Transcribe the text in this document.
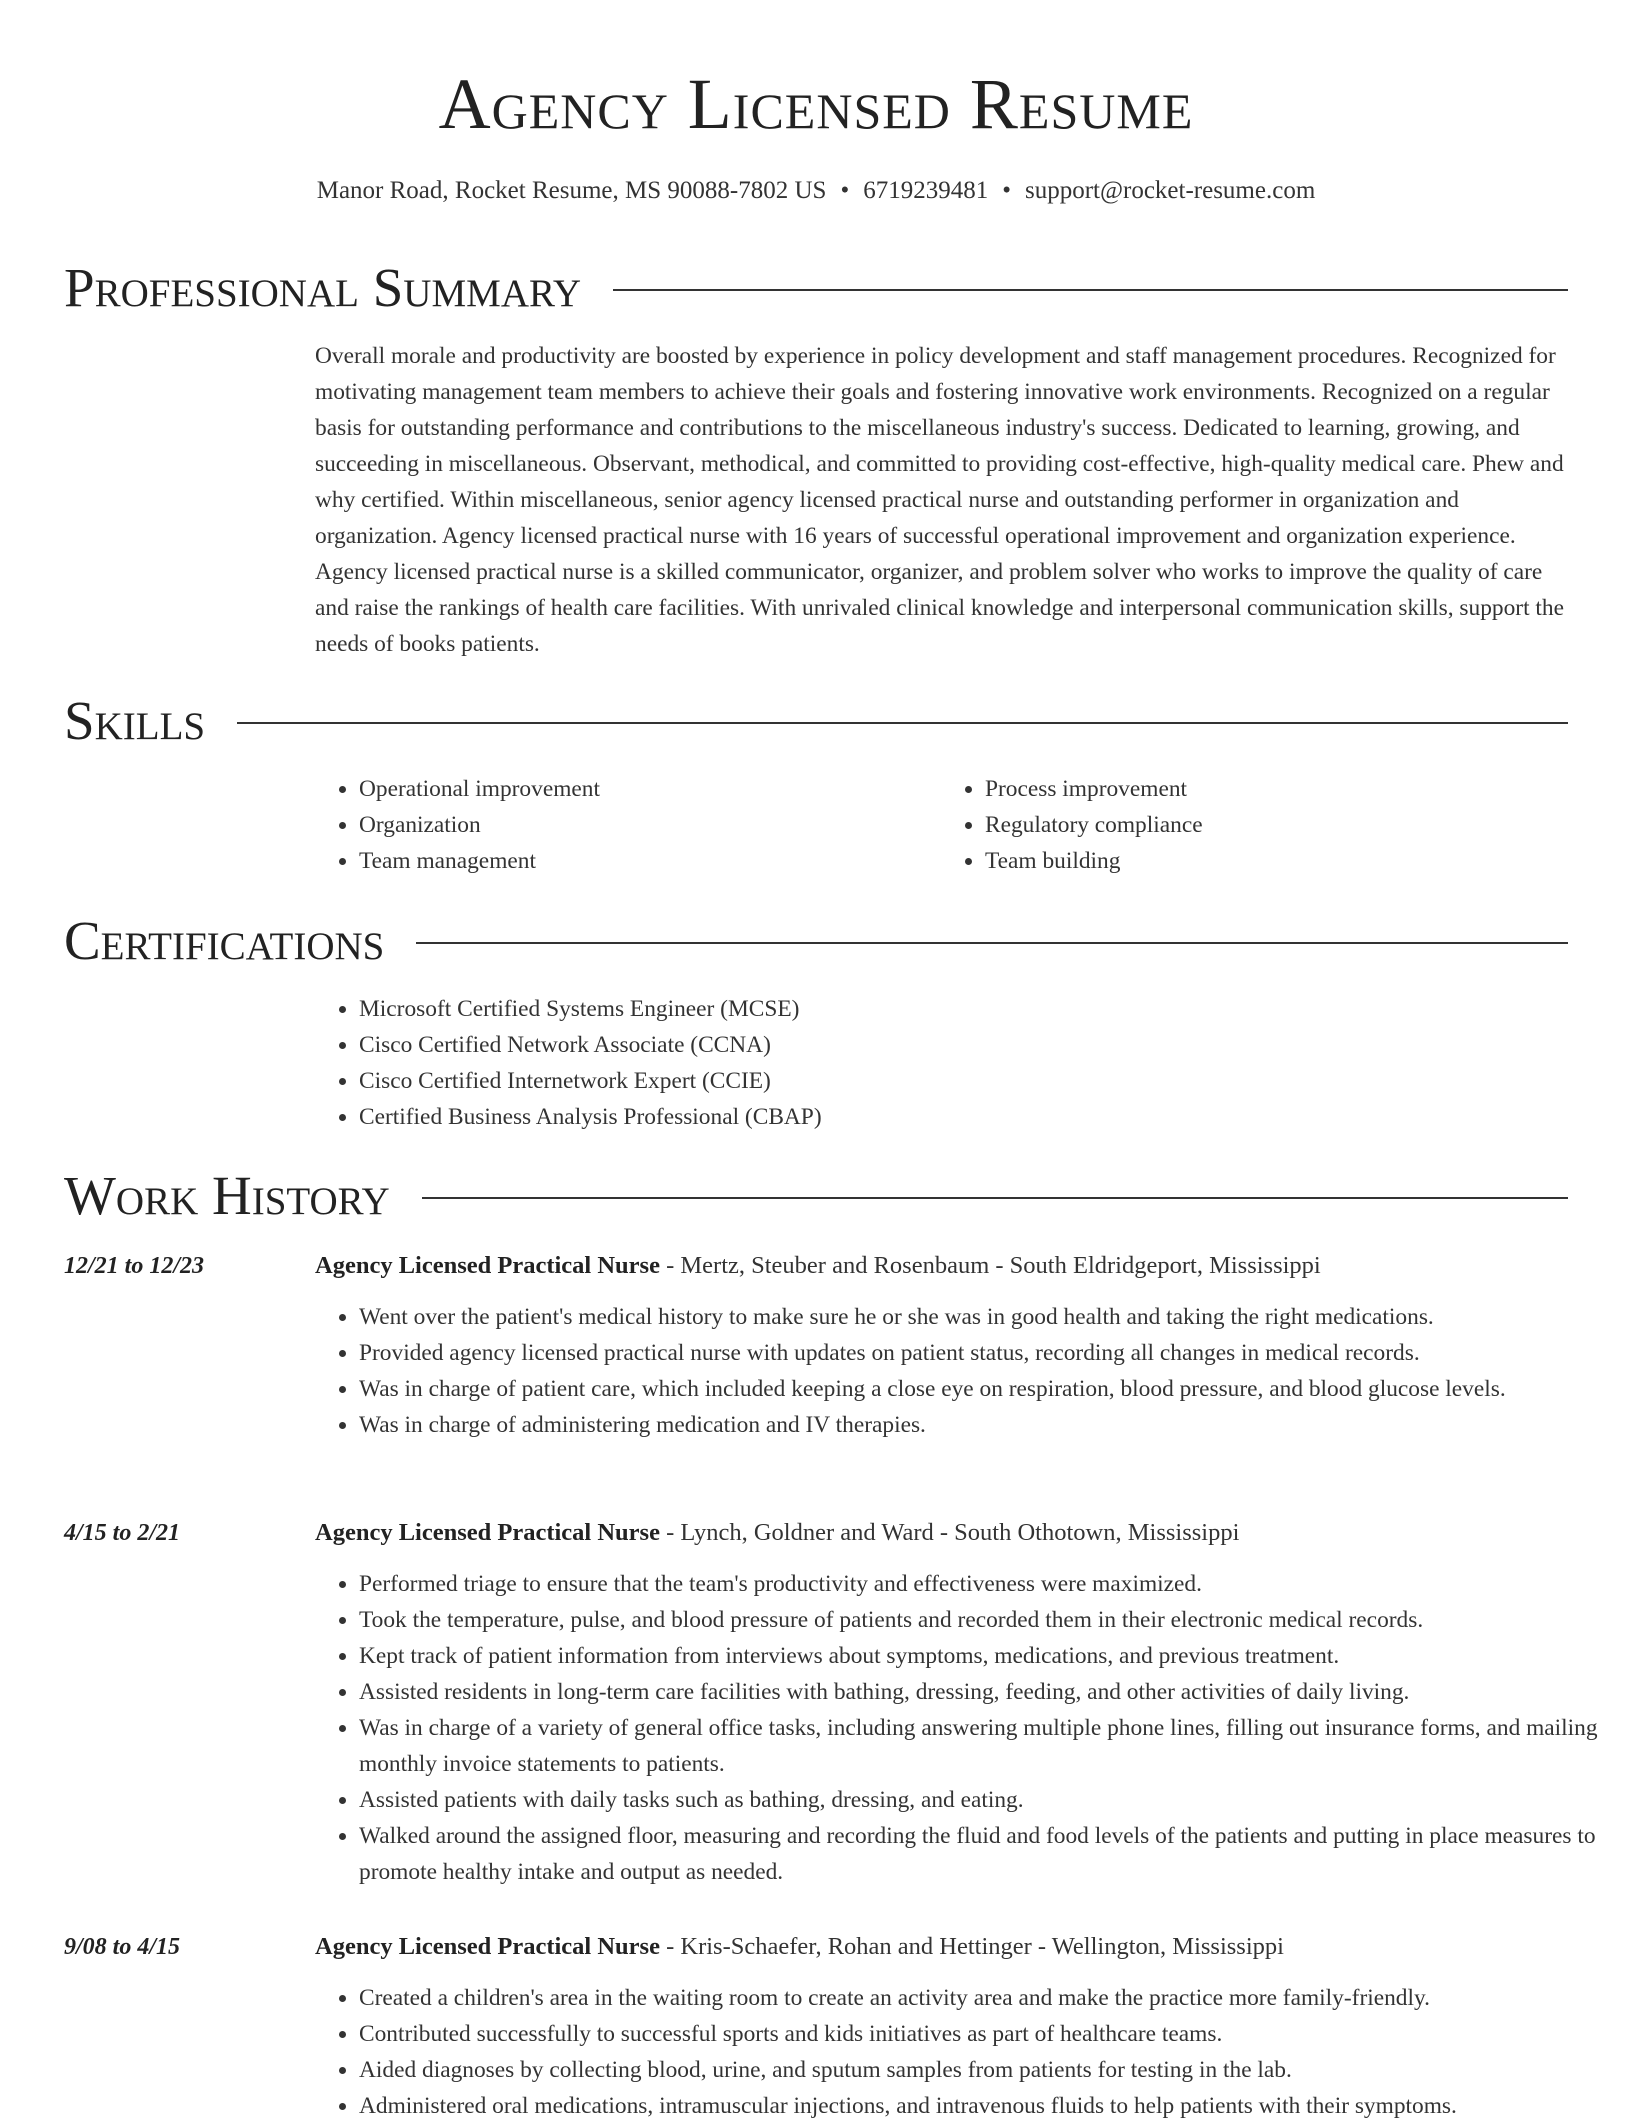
Agency Licensed Resume
Manor Road, Rocket Resume, MS 90088-7802 US • 6719239481 • support@rocket-resume.com
Professional Summary
Overall morale and productivity are boosted by experience in policy development and staff management procedures. Recognized for motivating management team members to achieve their goals and fostering innovative work environments. Recognized on a regular basis for outstanding performance and contributions to the miscellaneous industry's success. Dedicated to learning, growing, and succeeding in miscellaneous. Observant, methodical, and committed to providing cost-effective, high-quality medical care. Phew and why certified. Within miscellaneous, senior agency licensed practical nurse and outstanding performer in organization and organization. Agency licensed practical nurse with 16 years of successful operational improvement and organization experience. Agency licensed practical nurse is a skilled communicator, organizer, and problem solver who works to improve the quality of care and raise the rankings of health care facilities. With unrivaled clinical knowledge and interpersonal communication skills, support the needs of books patients.
Skills
• Operational improvement
• Organization
• Team management
• Process improvement
• Regulatory compliance
• Team building
Certifications
• Microsoft Certified Systems Engineer (MCSE)
• Cisco Certified Network Associate (CCNA)
• Cisco Certified Internetwork Expert (CCIE)
• Certified Business Analysis Professional (CBAP)
Work History
12/21 to 12/23	Agency Licensed Practical Nurse - Mertz, Steuber and Rosenbaum - South Eldridgeport, Mississippi
• Went over the patient's medical history to make sure he or she was in good health and taking the right medications.
• Provided agency licensed practical nurse with updates on patient status, recording all changes in medical records.
• Was in charge of patient care, which included keeping a close eye on respiration, blood pressure, and blood glucose levels.
• Was in charge of administering medication and IV therapies.
4/15 to 2/21	Agency Licensed Practical Nurse - Lynch, Goldner and Ward - South Othotown, Mississippi
• Performed triage to ensure that the team's productivity and effectiveness were maximized.
• Took the temperature, pulse, and blood pressure of patients and recorded them in their electronic medical records.
• Kept track of patient information from interviews about symptoms, medications, and previous treatment.
• Assisted residents in long-term care facilities with bathing, dressing, feeding, and other activities of daily living.
• Was in charge of a variety of general office tasks, including answering multiple phone lines, filling out insurance forms, and mailing monthly invoice statements to patients.
• Assisted patients with daily tasks such as bathing, dressing, and eating.
• Walked around the assigned floor, measuring and recording the fluid and food levels of the patients and putting in place measures to promote healthy intake and output as needed.
9/08 to 4/15	Agency Licensed Practical Nurse - Kris-Schaefer, Rohan and Hettinger - Wellington, Mississippi
• Created a children's area in the waiting room to create an activity area and make the practice more family-friendly.
• Contributed successfully to successful sports and kids initiatives as part of healthcare teams.
• Aided diagnoses by collecting blood, urine, and sputum samples from patients for testing in the lab.
• Administered oral medications, intramuscular injections, and intravenous fluids to help patients with their symptoms.
